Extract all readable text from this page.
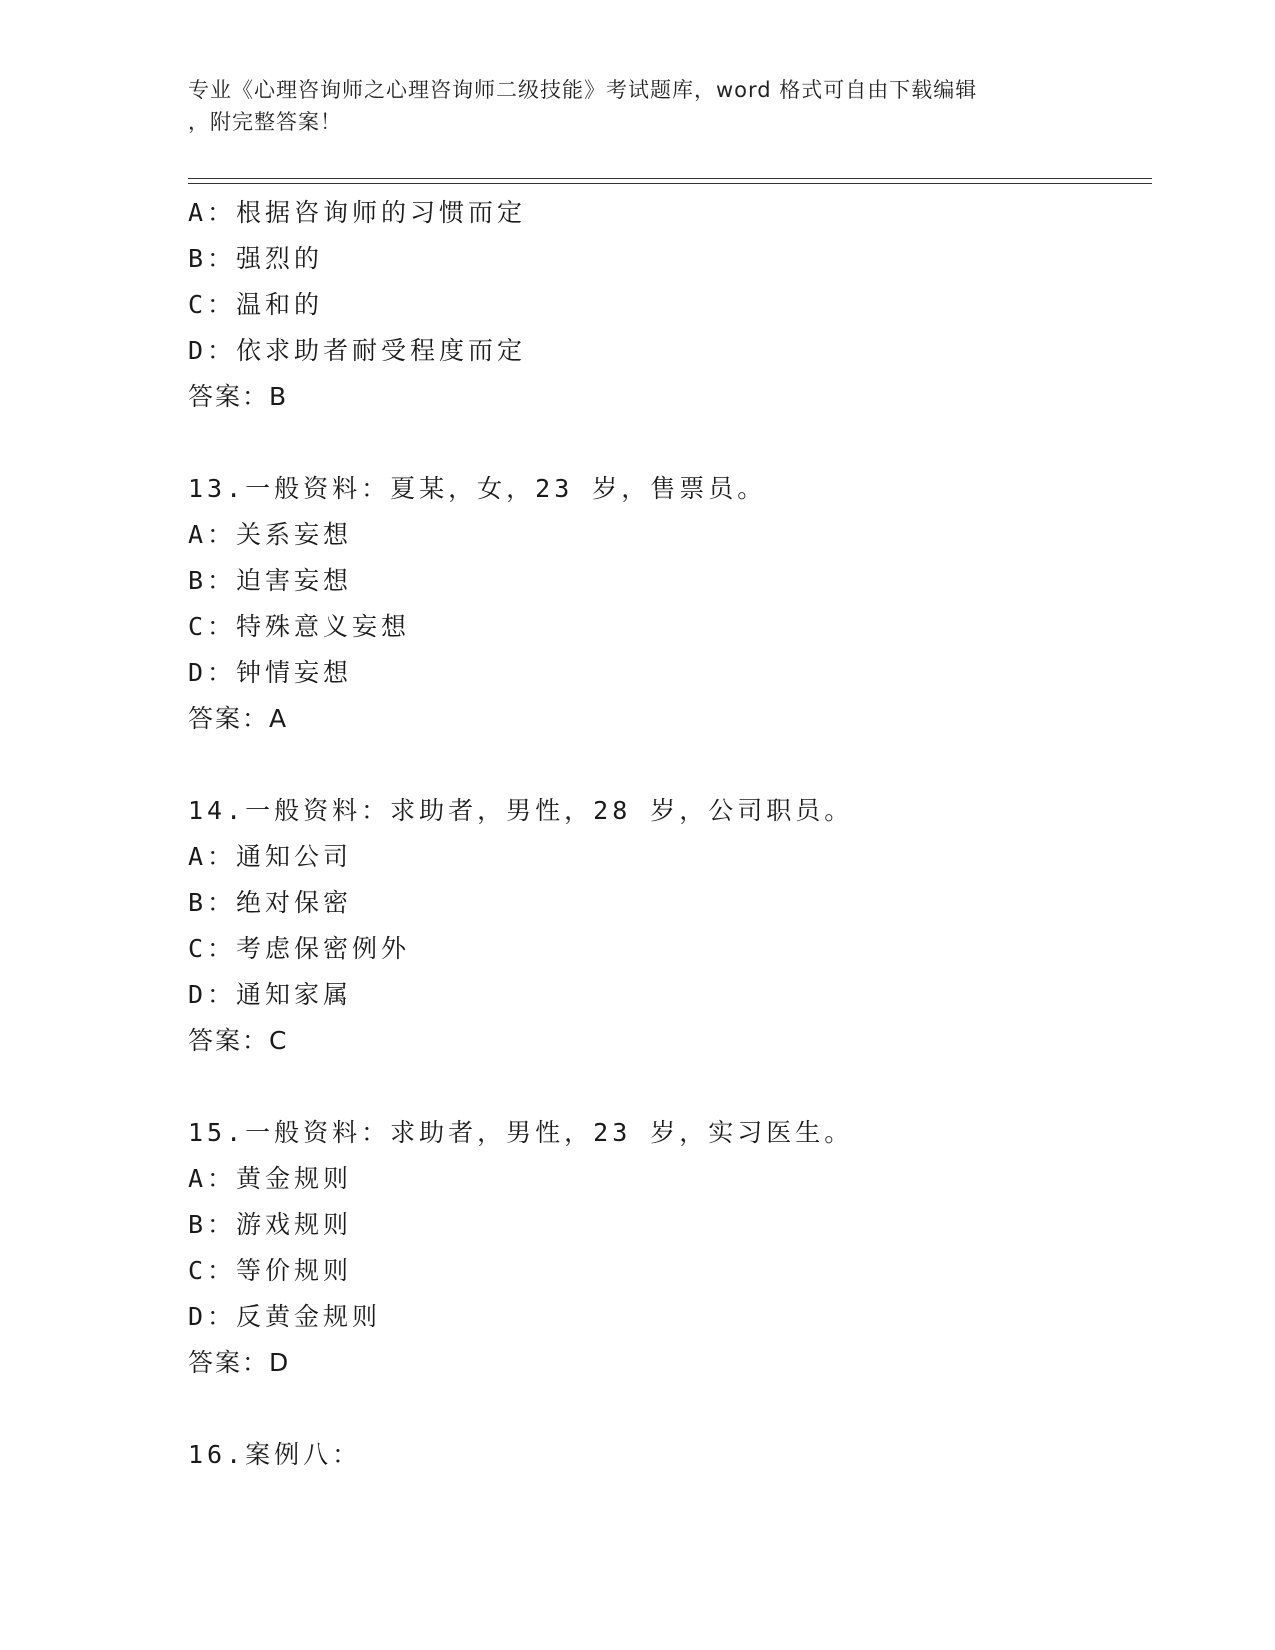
专业《心理咨询师之心理咨询师二级技能》考试题库，word 格式可自由下载编辑
，附完整答案！
A：根据咨询师的习惯而定
B：强烈的
C：温和的
D：依求助者耐受程度而定
答案：B
13.一般资料：夏某，女，23 岁，售票员。
A：关系妄想
B：迫害妄想
C：特殊意义妄想
D：钟情妄想
答案：A
14.一般资料：求助者，男性，28 岁，公司职员。
A：通知公司
B：绝对保密
C：考虑保密例外
D：通知家属
答案：C
15.一般资料：求助者，男性，23 岁，实习医生。
A：黄金规则
B：游戏规则
C：等价规则
D：反黄金规则
答案：D
16.案例八：
